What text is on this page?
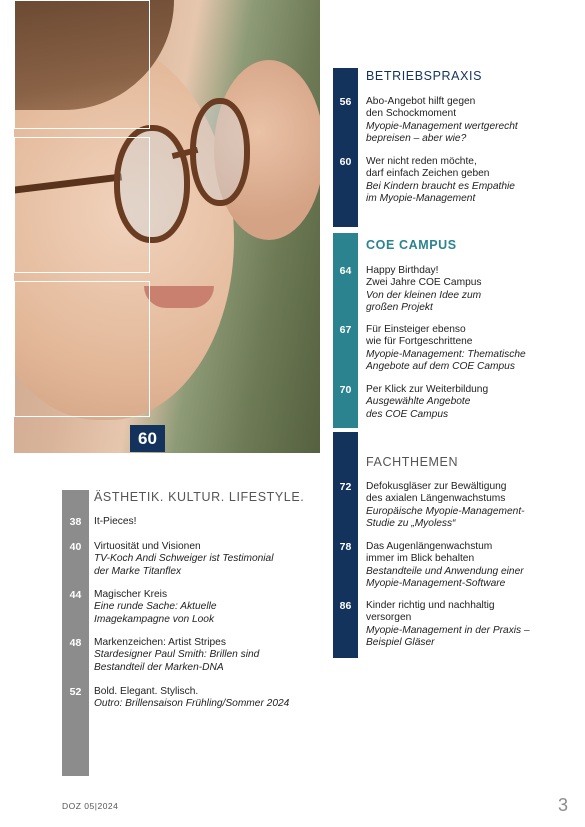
60
BETRIEBSPRAXIS
56	Abo-Angebot hilft gegen
den Schockmoment
Myopie-Management wertgerecht
bepreisen – aber wie?
60	Wer nicht reden möchte,
darf einfach Zeichen geben
Bei Kindern braucht es Empathie
im Myopie-Management
COE CAMPUS
64	Happy Birthday!
Zwei Jahre COE Campus
Von der kleinen Idee zum
großen Projekt
67	Für Einsteiger ebenso
wie für Fortgeschrittene
Myopie-Management: Thematische
Angebote auf dem COE Campus
70	Per Klick zur Weiterbildung
Ausgewählte Angebote
des COE Campus
FACHTHEMEN
72	Defokusgläser zur Bewältigung
des axialen Längenwachstums
Europäische Myopie-Management-
Studie zu „Myoless“
78	Das Augenlängenwachstum
immer im Blick behalten
Bestandteile und Anwendung einer
Myopie-Management-Software
86	Kinder richtig und nachhaltig
versorgen
Myopie-Management in der Praxis –
Beispiel Gläser
ÄSTHETIK. KULTUR. LIFESTYLE.
38	It-Pieces!
40	Virtuosität und Visionen
TV-Koch Andi Schweiger ist Testimonial
der Marke Titanflex
44	Magischer Kreis
Eine runde Sache: Aktuelle
Imagekampagne von Look
48	Markenzeichen: Artist Stripes
Stardesigner Paul Smith: Brillen sind
Bestandteil der Marken-DNA
52	Bold. Elegant. Stylisch.
Outro: Brillensaison Frühling/Sommer 2024
DOZ 05|2024	3
